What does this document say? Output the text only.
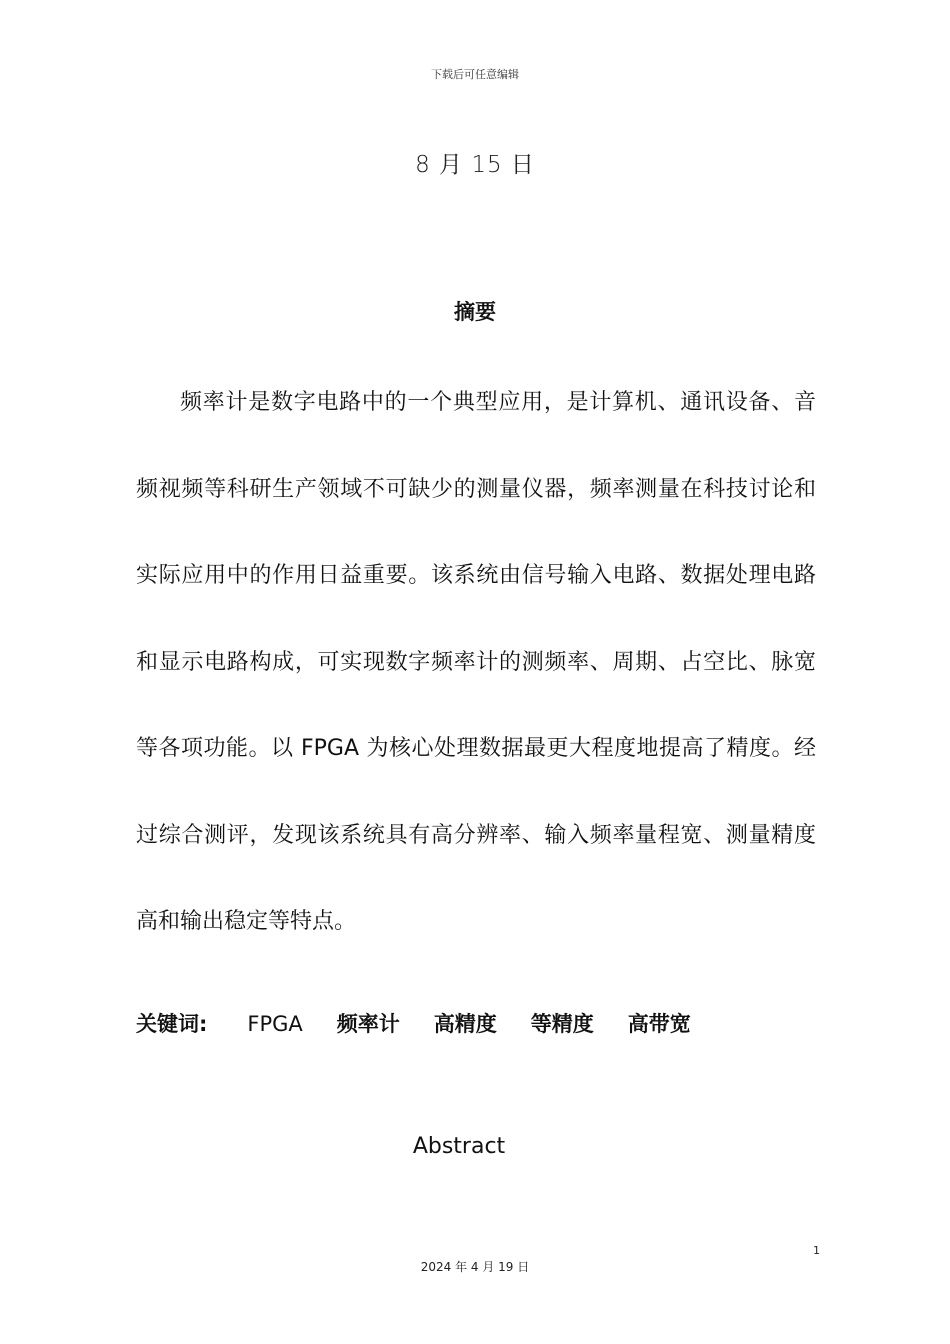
下载后可任意编辑
8 月 15 日
摘要

频率计是数字电路中的一个典型应用，是计算机、通讯设备、音频视频等科研生产领域不可缺少的测量仪器，频率测量在科技讨论和实际应用中的作用日益重要。该系统由信号输入电路、数据处理电路和显示电路构成，可实现数字频率计的测频率、周期、占空比、脉宽等各项功能。以 FPGA 为核心处理数据最更大程度地提高了精度。经过综合测评，发现该系统具有高分辨率、输入频率量程宽、测量精度高和输出稳定等特点。

关键词: FPGA 频率计 高精度 等精度 高带宽
Abstract
1
2024 年 4 月 19 日
